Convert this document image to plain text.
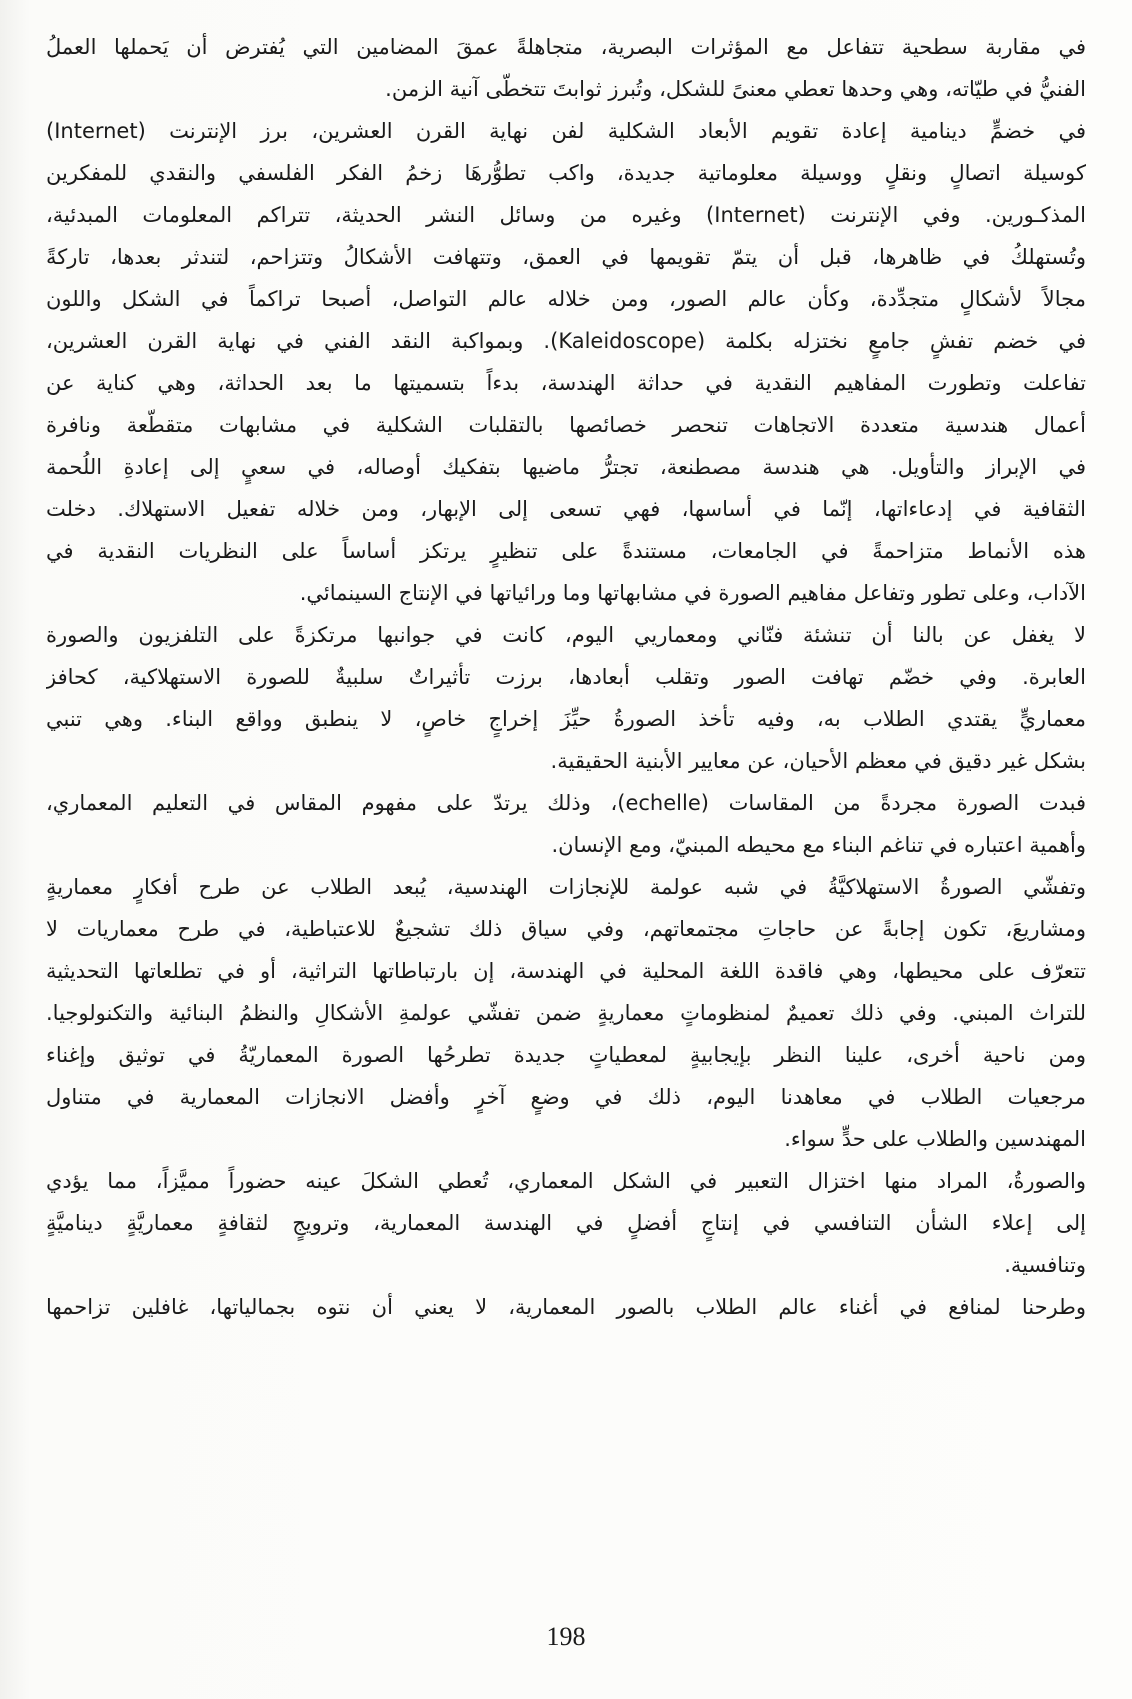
ﻓﻲ مقاربة سطحية تتفاعل مع المؤثرات البصرية، متجاهلةً عمقَ المضامين التي يُفترض أن يَحملها العملُ
الفنيُّ في طيّاته، وهي وحدها تعطي معنىً للشكل، وتُبرز ثوابتَ تتخطّى آنية الزمن.
في خضمٍّ دينامية إعادة تقويم الأبعاد الشكلية لفن نهاية القرن العشرين، برز الإنترنت (Internet)
كوسيلة اتصالٍ ونقلٍ ووسيلة معلوماتية جديدة، واكب تطوُّرهَا زخمُ الفكر الفلسفي والنقدي للمفكرين
المذكـورين. وفي الإنترنت (Internet) وغيره من وسائل النشر الحديثة، تتراكم المعلومات المبدئية،
وتُستهلكُ في ظاهرها، قبل أن يتمّ تقويمها في العمق، وتتهافت الأشكالُ وتتزاحم، لتندثر بعدها، تاركةً
مجالاً لأشكالٍ متجدِّدة، وكأن عالم الصور، ومن خلاله عالم التواصل، أصبحا تراكماً في الشكل واللون
في خضم تفشٍ جامعٍ نختزله بكلمة (Kaleidoscope). وبمواكبة النقد الفني في نهاية القرن العشرين،
تفاعلت وتطورت المفاهيم النقدية في حداثة الهندسة، بدءاً بتسميتها ما بعد الحداثة، وهي كناية عن
أعمال هندسية متعددة الاتجاهات تنحصر خصائصها بالتقلبات الشكلية في مشابهات متقطّعة ونافرة
في الإبراز والتأويل. هي هندسة مصطنعة، تجترُّ ماضيها بتفكيك أوصاله، في سعيٍ إلى إعادةِ اللُحمة
الثقافية في إدعاءاتها، إنّما في أساسها، فهي تسعى إلى الإبهار، ومن خلاله تفعيل الاستهلاك. دخلت
هذه الأنماط متزاحمةً في الجامعات، مستندةً على تنظيرٍ يرتكز أساساً على النظريات النقدية في
الآداب، وعلى تطور وتفاعل مفاهيم الصورة في مشابهاتها وما ورائياتها في الإنتاج السينمائي.
لا يغفل عن بالنا أن تنشئة فنّاني ومعماريي اليوم، كانت في جوانبها مرتكزةً على التلفزيون والصورة
العابرة. وفي خضّم تهافت الصور وتقلب أبعادها، برزت تأثيراتٌ سلبيةٌ للصورة الاستهلاكية، كحافز
معماريٍّ يقتدي الطلاب به، وفيه تأخذ الصورةُ حيِّزَ إخراجٍ خاصٍ، لا ينطبق وواقع البناء. وهي تنبي
بشكل غير دقيق في معظم الأحيان، عن معايير الأبنية الحقيقية.
فبدت الصورة مجردةً من المقاسات (echelle)، وذلك يرتدّ على مفهوم المقاس في التعليم المعماري،
وأهمية اعتباره في تناغم البناء مع محيطه المبنيّ، ومع الإنسان.
وتفشّي الصورةُ الاستهلاكيَّةُ في شبه عولمة للإنجازات الهندسية، يُبعد الطلاب عن طرح أفكارٍ معماريةٍ
ومشاريعَ، تكون إجابةً عن حاجاتِ مجتمعاتهم، وفي سياق ذلك تشجيعٌ للاعتباطية، في طرح معماريات لا
تتعرّف على محيطها، وهي فاقدة اللغة المحلية في الهندسة، إن بارتباطاتها التراثية، أو في تطلعاتها التحديثية
للتراث المبني. وفي ذلك تعميمٌ لمنظوماتٍ معماريةٍ ضمن تفشّي عولمةِ الأشكالِ والنظمُ البنائية والتكنولوجيا.
ومن ناحية أخرى، علينا النظر بإيجابيةٍ لمعطياتٍ جديدة تطرحُها الصورة المعماريّةُ في توثيق وإغناء
مرجعيات الطلاب في معاهدنا اليوم، ذلك في وضعٍ آخرٍ وأفضل الانجازات المعمارية في متناول
المهندسين والطلاب على حدٍّ سواء.
والصورةُ، المراد منها اختزال التعبير في الشكل المعماري، تُعطي الشكلَ عينه حضوراً مميَّزاً، مما يؤدي
إلى إعلاء الشأن التنافسي في إنتاجٍ أفضلٍ في الهندسة المعمارية، وترويجٍ لثقافةٍ معماريَّةٍ ديناميَّةٍ
وتنافسية.
وطرحنا لمنافع في أغناء عالم الطلاب بالصور المعمارية، لا يعني أن نتوه بجمالياتها، غافلين تزاحمها
198
